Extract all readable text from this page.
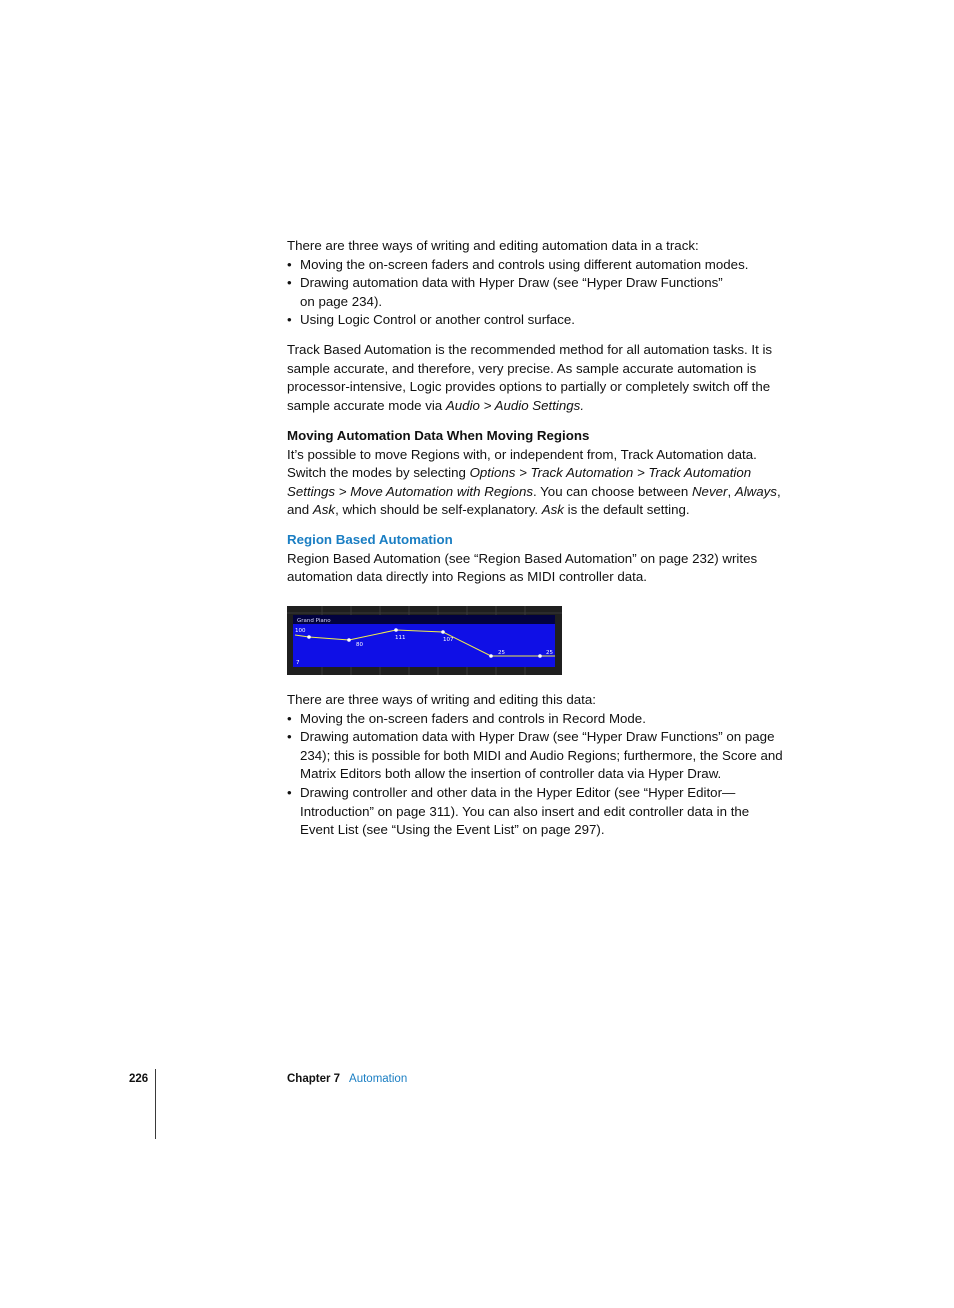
There are three ways of writing and editing automation data in a track:

• Moving the on-screen faders and controls using different automation modes.
• Drawing automation data with Hyper Draw (see “Hyper Draw Functions” on page 234).
• Using Logic Control or another control surface.

Track Based Automation is the recommended method for all automation tasks. It is sample accurate, and therefore, very precise. As sample accurate automation is processor-intensive, Logic provides options to partially or completely switch off the sample accurate mode via Audio > Audio Settings.

Moving Automation Data When Moving Regions

It’s possible to move Regions with, or independent from, Track Automation data. Switch the modes by selecting Options > Track Automation > Track Automation Settings > Move Automation with Regions. You can choose between Never, Always, and Ask, which should be self-explanatory. Ask is the default setting.

Region Based Automation

Region Based Automation (see “Region Based Automation” on page 232) writes automation data directly into Regions as MIDI controller data.

Grand Piano
7
100
80
111	107
25	25

There are three ways of writing and editing this data:

• Moving the on-screen faders and controls in Record Mode.
• Drawing automation data with Hyper Draw (see “Hyper Draw Functions” on page 234); this is possible for both MIDI and Audio Regions; furthermore, the Score and Matrix Editors both allow the insertion of controller data via Hyper Draw.
• Drawing controller and other data in the Hyper Editor (see “Hyper Editor—Introduction” on page 311). You can also insert and edit controller data in the Event List (see “Using the Event List” on page 297).
226	Chapter 7 Automation
